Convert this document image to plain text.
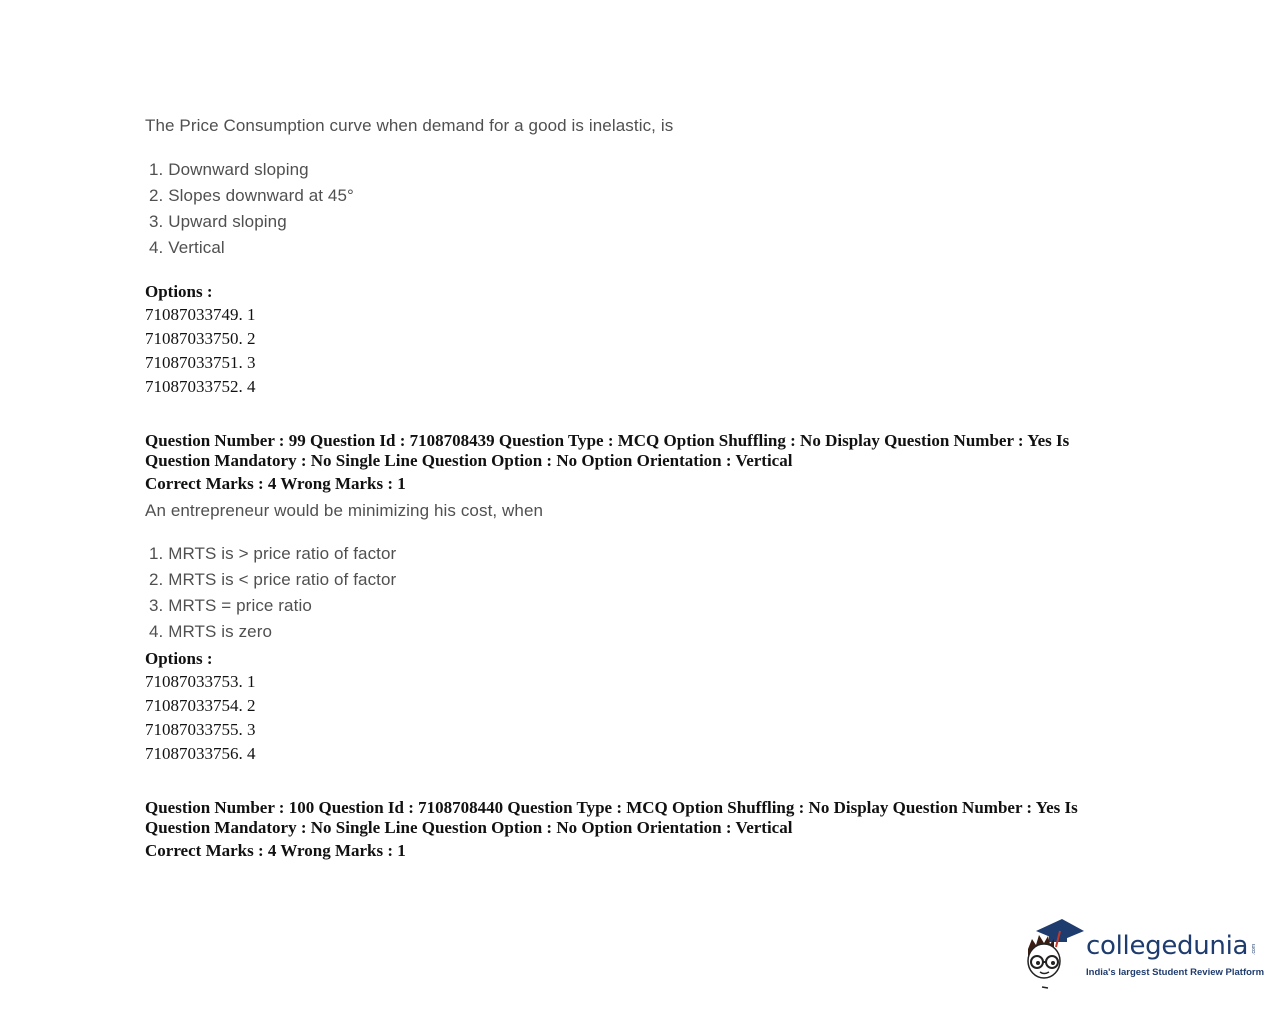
The Price Consumption curve when demand for a good is inelastic, is
1. Downward sloping
2. Slopes downward at 45°
3. Upward sloping
4. Vertical
Options :
71087033749. 1
71087033750. 2
71087033751. 3
71087033752. 4
Question Number : 99 Question Id : 7108708439 Question Type : MCQ Option Shuffling : No Display Question Number : Yes Is
Question Mandatory : No Single Line Question Option : No Option Orientation : Vertical
Correct Marks : 4 Wrong Marks : 1
An entrepreneur would be minimizing his cost, when
1. MRTS is > price ratio of factor
2. MRTS is < price ratio of factor
3. MRTS = price ratio
4. MRTS is zero
Options :
71087033753. 1
71087033754. 2
71087033755. 3
71087033756. 4
Question Number : 100 Question Id : 7108708440 Question Type : MCQ Option Shuffling : No Display Question Number : Yes Is
Question Mandatory : No Single Line Question Option : No Option Orientation : Vertical
Correct Marks : 4 Wrong Marks : 1
collegedunia .com
India's largest Student Review Platform
